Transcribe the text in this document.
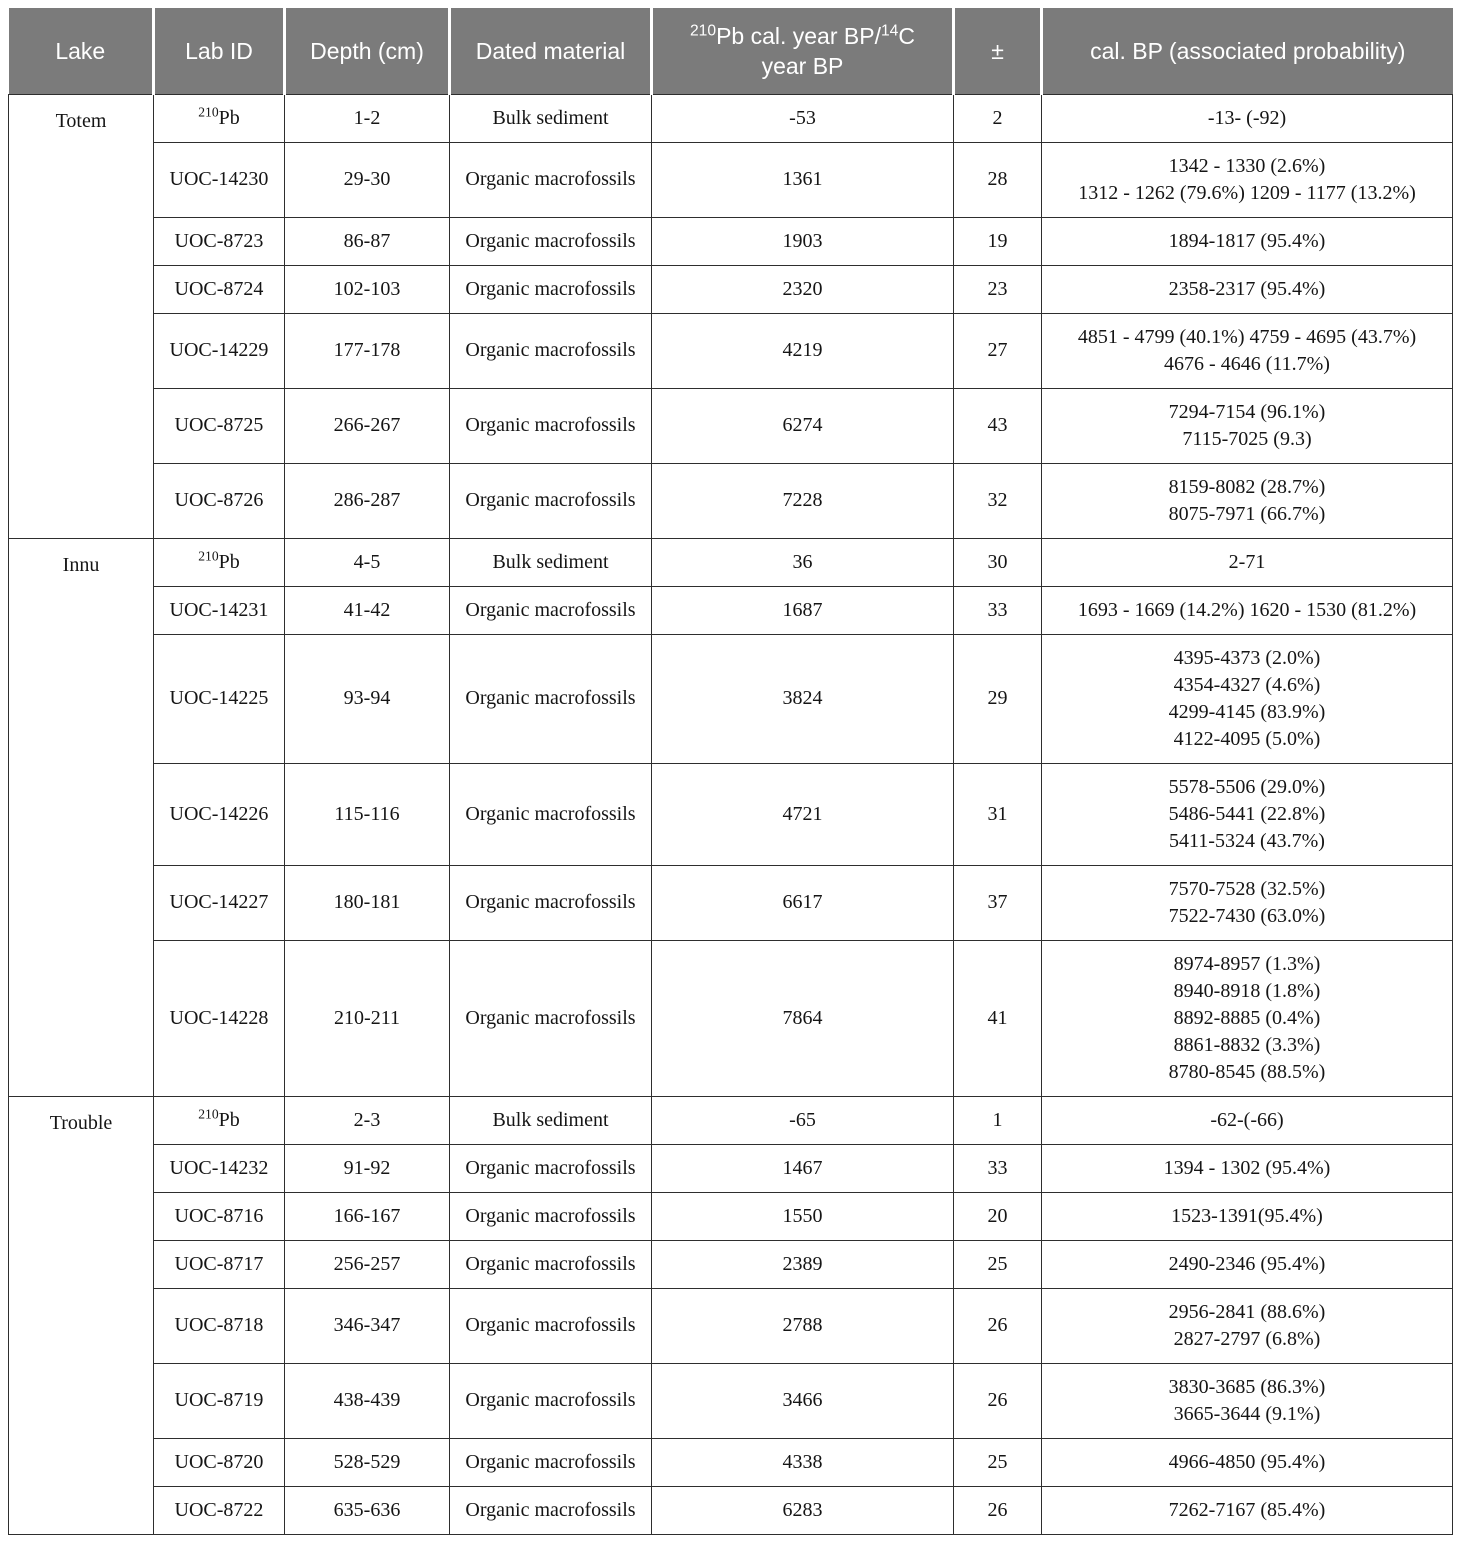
Lake	Lab ID	Depth (cm)	Dated material	$^{210}$Pb cal. year BP/$^{14}$C year BP	±	cal. BP (associated probability)
Totem	$^{210}$Pb	1-2	Bulk sediment	-53	2	-13- (-92)

	UOC-14230	29-30	Organic macrofossils	1361	28	1342 - 1330 (2.6%)
1312 - 1262 (79.6%) 1209 - 1177 (13.2%)

	UOC-8723	86-87	Organic macrofossils	1903	19	1894-1817 (95.4%)

	UOC-8724	102-103	Organic macrofossils	2320	23	2358-2317 (95.4%)

	UOC-14229	177-178	Organic macrofossils	4219	27	4851 - 4799 (40.1%) 4759 - 4695 (43.7%)
4676 - 4646 (11.7%)

	UOC-8725	266-267	Organic macrofossils	6274	43	7294-7154 (96.1%)
7115-7025 (9.3)

	UOC-8726	286-287	Organic macrofossils	7228	32	8159-8082 (28.7%)
8075-7971 (66.7%)

Innu	$^{210}$Pb	4-5	Bulk sediment	36	30	2-71

	UOC-14231	41-42	Organic macrofossils	1687	33	1693 - 1669 (14.2%) 1620 - 1530 (81.2%)

	UOC-14225	93-94	Organic macrofossils	3824	29	4395-4373 (2.0%)
4354-4327 (4.6%)
4299-4145 (83.9%)
4122-4095 (5.0%)

	UOC-14226	115-116	Organic macrofossils	4721	31	5578-5506 (29.0%)
5486-5441 (22.8%)
5411-5324 (43.7%)

	UOC-14227	180-181	Organic macrofossils	6617	37	7570-7528 (32.5%)
7522-7430 (63.0%)

	UOC-14228	210-211	Organic macrofossils	7864	41	8974-8957 (1.3%)
8940-8918 (1.8%)
8892-8885 (0.4%)
8861-8832 (3.3%)
8780-8545 (88.5%)

Trouble	$^{210}$Pb	2-3	Bulk sediment	-65	1	-62-(-66)

	UOC-14232	91-92	Organic macrofossils	1467	33	1394 - 1302 (95.4%)

	UOC-8716	166-167	Organic macrofossils	1550	20	1523-1391(95.4%)

	UOC-8717	256-257	Organic macrofossils	2389	25	2490-2346 (95.4%)

	UOC-8718	346-347	Organic macrofossils	2788	26	2956-2841 (88.6%)
2827-2797 (6.8%)

	UOC-8719	438-439	Organic macrofossils	3466	26	3830-3685 (86.3%)
3665-3644 (9.1%)

	UOC-8720	528-529	Organic macrofossils	4338	25	4966-4850 (95.4%)

	UOC-8722	635-636	Organic macrofossils	6283	26	7262-7167 (85.4%)
